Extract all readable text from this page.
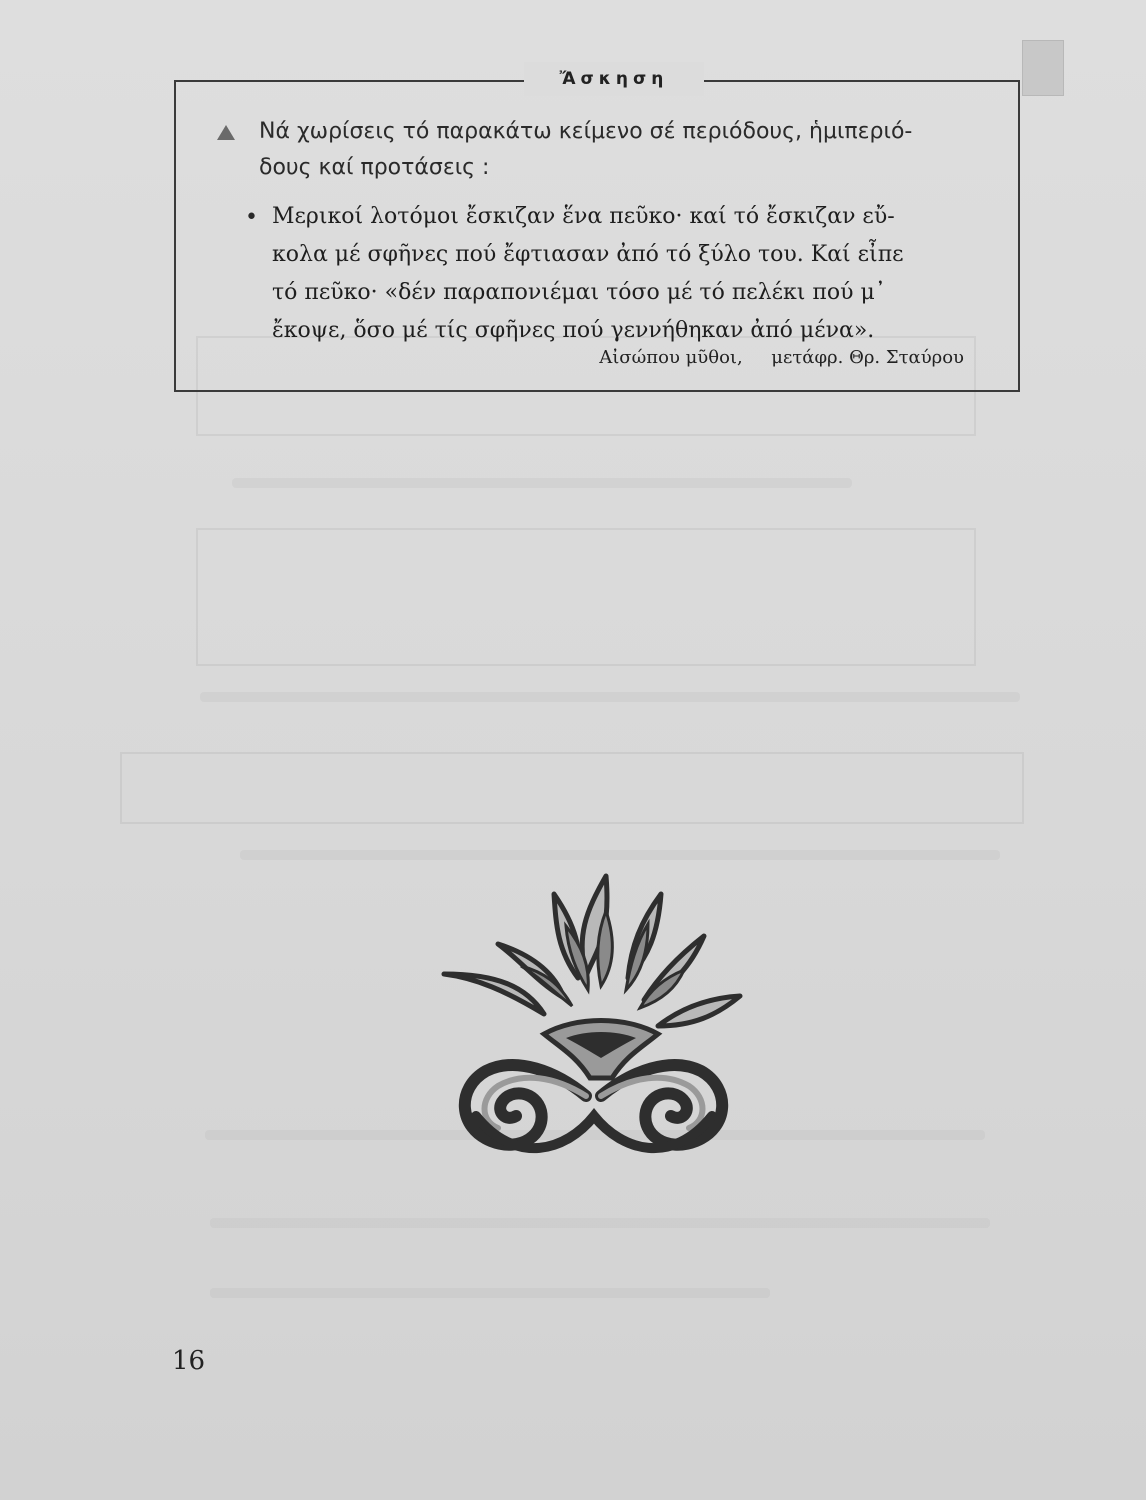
Ἄσκηση
Νά χωρίσεις τό παρακάτω κείμενο σέ περιόδους, ἡμιπεριό-
δους καί προτάσεις :
• Μερικοί λοτόμοι ἔσκιζαν ἕνα πεῦκο· καί τό ἔσκιζαν εὔ-
κολα μέ σφῆνες πού ἔφτιασαν ἀπό τό ξύλο του. Καί εἶπε
τό πεῦκο· «δέν παραπονιέμαι τόσο μέ τό πελέκι πού μ᾿
ἔκοψε, ὅσο μέ τίς σφῆνες πού γεννήθηκαν ἀπό μένα».
Αἰσώπου μῦθοι,     μετάφρ. Θρ. Σταύρου
16
